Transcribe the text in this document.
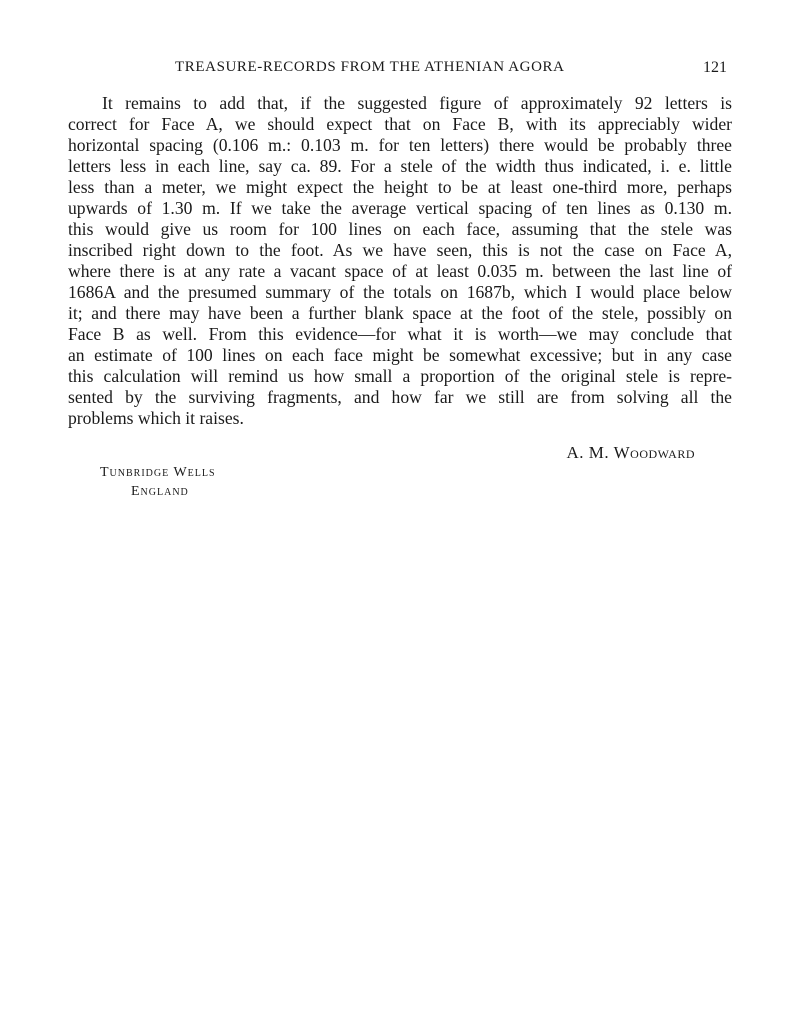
TREASURE-RECORDS FROM THE ATHENIAN AGORA	121
It remains to add that, if the suggested figure of approximately 92 letters is
correct for Face A, we should expect that on Face B, with its appreciably wider
horizontal spacing (0.106 m.: 0.103 m. for ten letters) there would be probably three
letters less in each line, say ca. 89. For a stele of the width thus indicated, i. e. little
less than a meter, we might expect the height to be at least one-third more, perhaps
upwards of 1.30 m. If we take the average vertical spacing of ten lines as 0.130 m.
this would give us room for 100 lines on each face, assuming that the stele was
inscribed right down to the foot. As we have seen, this is not the case on Face A,
where there is at any rate a vacant space of at least 0.035 m. between the last line of
1686A and the presumed summary of the totals on 1687b, which I would place below
it; and there may have been a further blank space at the foot of the stele, possibly on
Face B as well. From this evidence—for what it is worth—we may conclude that
an estimate of 100 lines on each face might be somewhat excessive; but in any case
this calculation will remind us how small a proportion of the original stele is repre-
sented by the surviving fragments, and how far we still are from solving all the
problems which it raises.
A. M. Woodward
Tunbridge Wells
England
